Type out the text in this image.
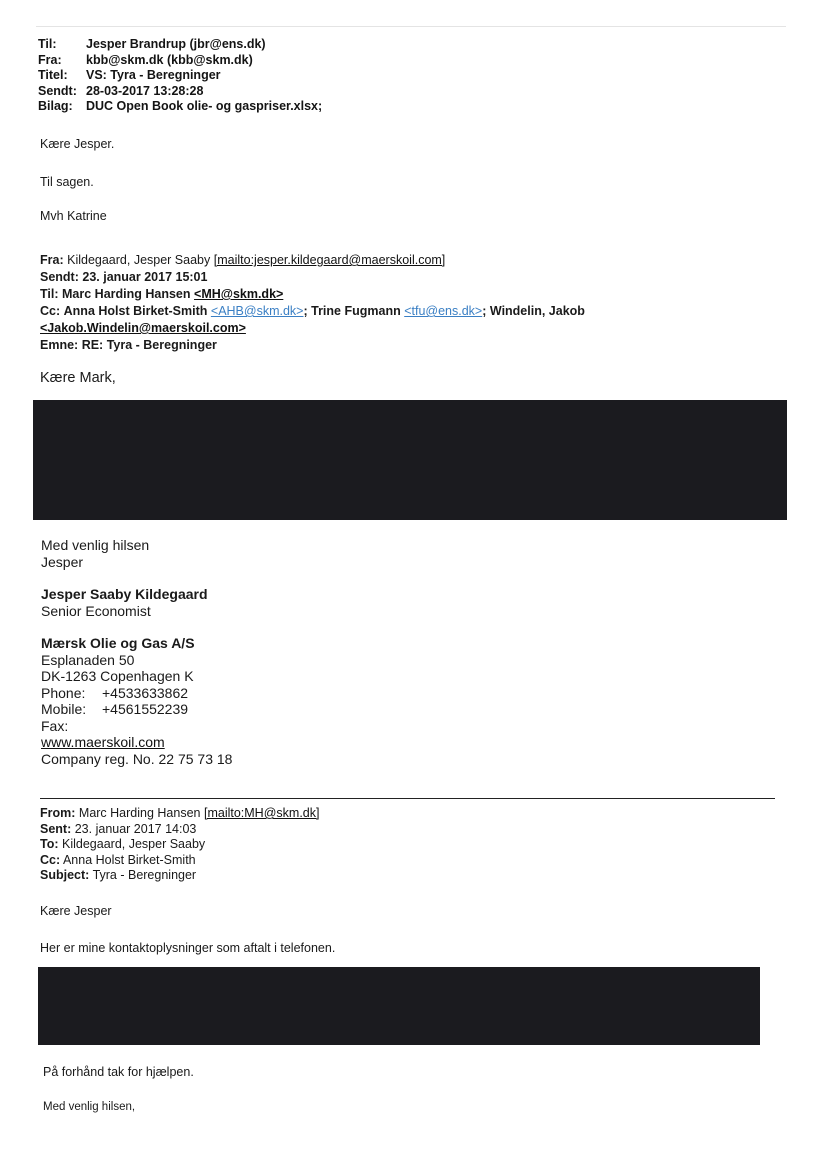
Til: Jesper Brandrup (jbr@ens.dk)
Fra: kbb@skm.dk (kbb@skm.dk)
Titel: VS: Tyra - Beregninger
Sendt: 28-03-2017 13:28:28
Bilag: DUC Open Book olie- og gaspriser.xlsx;
Kære Jesper.
Til sagen.
Mvh Katrine
Fra: Kildegaard, Jesper Saaby [mailto:jesper.kildegaard@maerskoil.com]
Sendt: 23. januar 2017 15:01
Til: Marc Harding Hansen <MH@skm.dk>
Cc: Anna Holst Birket-Smith <AHB@skm.dk>; Trine Fugmann <tfu@ens.dk>; Windelin, Jakob
<Jakob.Windelin@maerskoil.com>
Emne: RE: Tyra - Beregninger
Kære Mark,
Med venlig hilsen
Jesper
Jesper Saaby Kildegaard
Senior Economist
Mærsk Olie og Gas A/S
Esplanaden 50
DK-1263 Copenhagen K
Phone: +4533633862
Mobile: +4561552239
Fax:
www.maerskoil.com
Company reg. No. 22 75 73 18
From: Marc Harding Hansen [mailto:MH@skm.dk]
Sent: 23. januar 2017 14:03
To: Kildegaard, Jesper Saaby
Cc: Anna Holst Birket-Smith
Subject: Tyra - Beregninger
Kære Jesper
Her er mine kontaktoplysninger som aftalt i telefonen.
På forhånd tak for hjælpen.
Med venlig hilsen,
